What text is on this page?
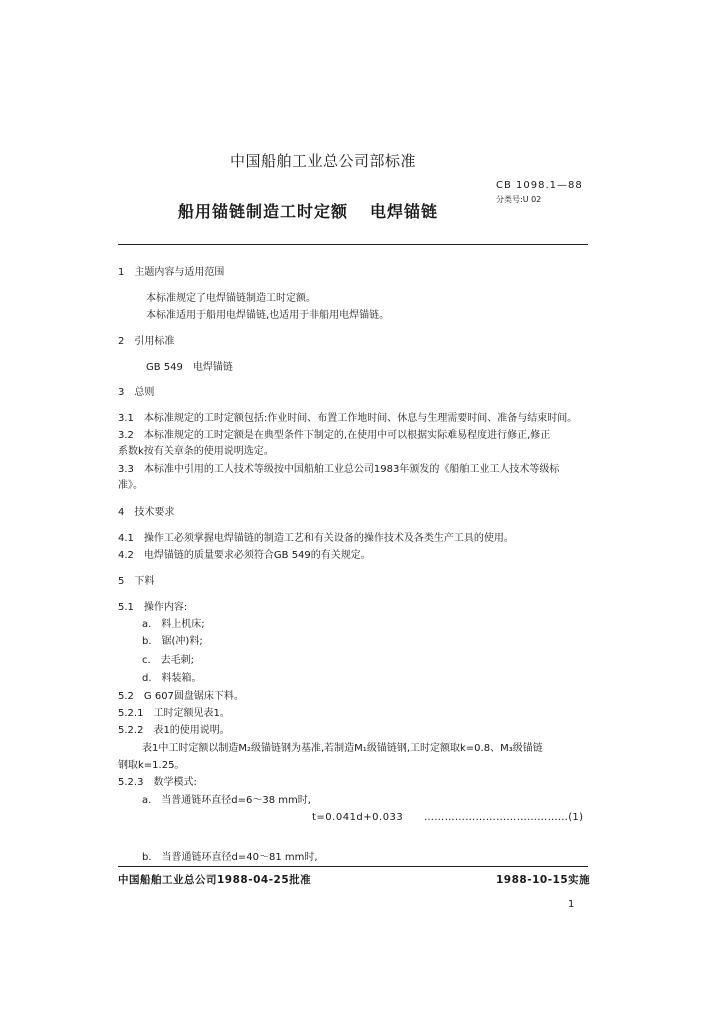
中国船舶工业总公司部标准
船用锚链制造工时定额 电焊锚链
CB 1098.1—88
分类号:U 02
1　主题内容与适用范围
本标准规定了电焊锚链制造工时定额。
本标准适用于船用电焊锚链,也适用于非船用电焊锚链。
2　引用标准
GB 549　电焊锚链
3　总则
3.1　本标准规定的工时定额包括:作业时间、布置工作地时间、休息与生理需要时间、准备与结束时间。
3.2　本标准规定的工时定额是在典型条件下制定的,在使用中可以根据实际难易程度进行修正,修正
系数k按有关章条的使用说明选定。
3.3　本标准中引用的工人技术等级按中国船舶工业总公司1983年颁发的《船舶工业工人技术等级标
准》。
4　技术要求
4.1　操作工必须掌握电焊锚链的制造工艺和有关设备的操作技术及各类生产工具的使用。
4.2　电焊锚链的质量要求必须符合GB 549的有关规定。
5　下料
5.1　操作内容:
a.　料上机床;
b.　锯(冲)料;
c.　去毛刺;
d.　料装箱。
5.2　G 607圆盘锯床下料。
5.2.1　工时定额见表1。
5.2.2　表1的使用说明。
表1中工时定额以制造M₂级锚链钢为基准,若制造M₁级锚链钢,工时定额取k=0.8、M₃级锚链
钢取k=1.25。
5.2.3　数学模式:
a.　当普通链环直径d=6～38 mm时,
t=0.041d+0.033 ……………………………………(1)
b.　当普通链环直径d=40～81 mm时,
中国船舶工业总公司1988-04-25批准	1988-10-15实施
1
